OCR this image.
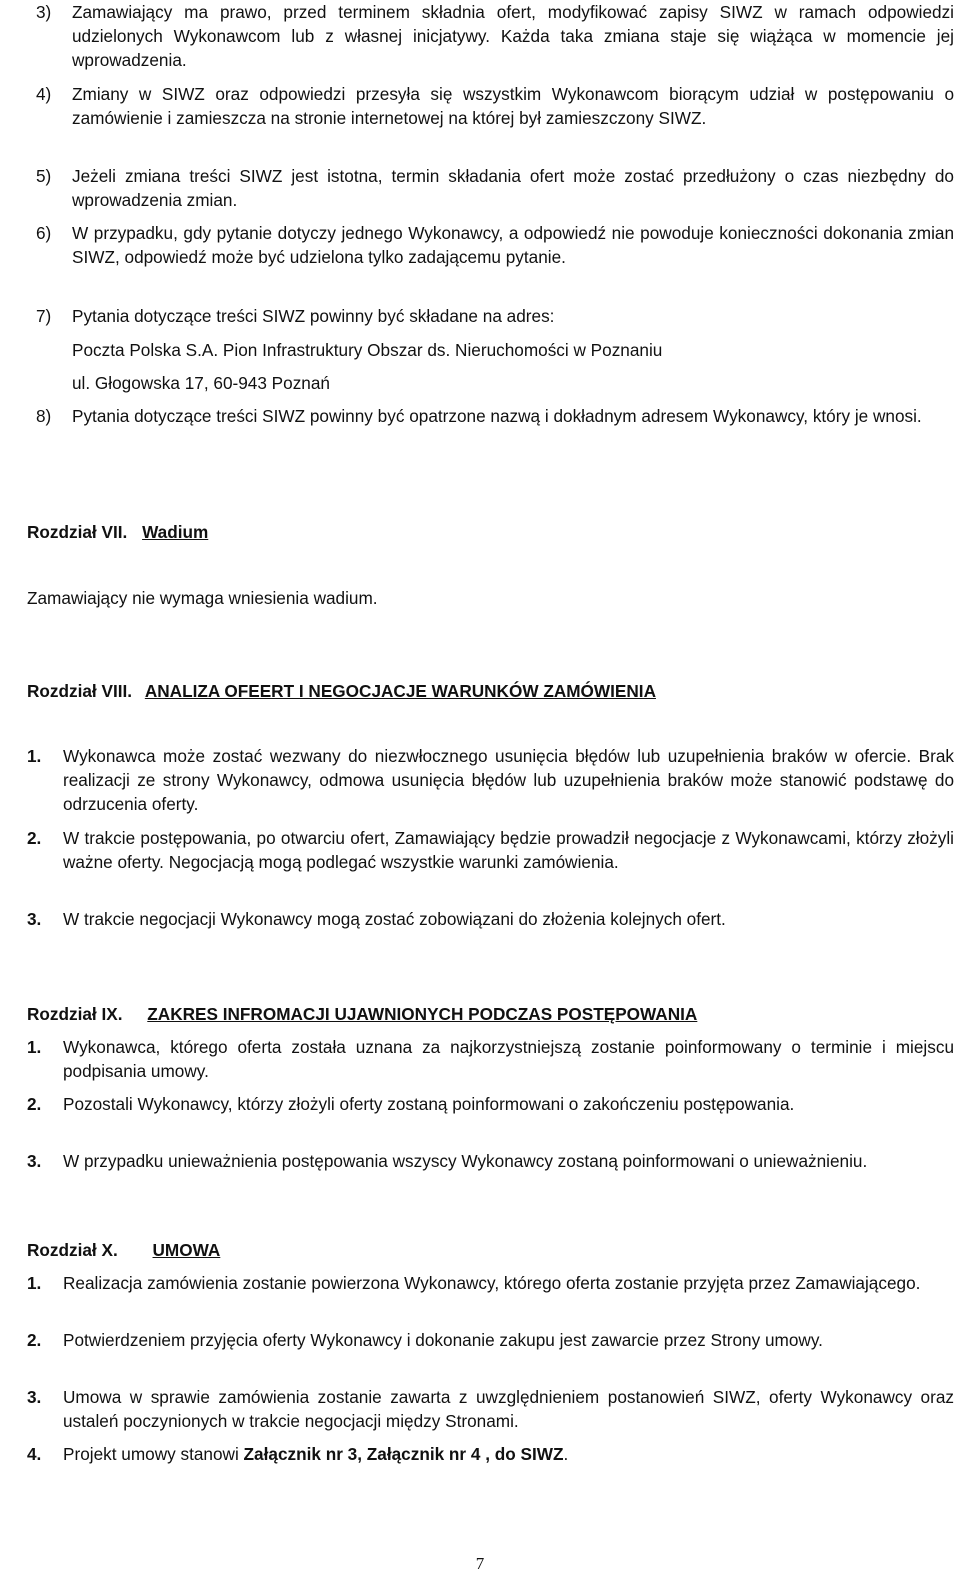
3) Zamawiający ma prawo, przed terminem składnia ofert, modyfikować zapisy SIWZ w ramach odpowiedzi udzielonych Wykonawcom lub z własnej inicjatywy. Każda taka zmiana staje się wiążąca w momencie jej wprowadzenia.
4) Zmiany w SIWZ oraz odpowiedzi przesyła się wszystkim Wykonawcom biorącym udział w postępowaniu o zamówienie i zamieszcza na stronie internetowej na której był zamieszczony SIWZ.
5) Jeżeli zmiana treści SIWZ jest istotna, termin składania ofert może zostać przedłużony o czas niezbędny do wprowadzenia zmian.
6) W przypadku, gdy pytanie dotyczy jednego Wykonawcy, a odpowiedź nie powoduje konieczności dokonania zmian SIWZ, odpowiedź może być udzielona tylko zadającemu pytanie.
7) Pytania dotyczące treści SIWZ powinny być składane na adres:
Poczta Polska S.A. Pion Infrastruktury Obszar ds. Nieruchomości w Poznaniu
ul. Głogowska 17, 60-943 Poznań
8) Pytania dotyczące treści SIWZ powinny być opatrzone nazwą i dokładnym adresem Wykonawcy, który je wnosi.
Rozdział VII. Wadium
Zamawiający nie wymaga wniesienia wadium.
Rozdział VIII. ANALIZA OFEERT I NEGOCJACJE WARUNKÓW ZAMÓWIENIA
1. Wykonawca może zostać wezwany do niezwłocznego usunięcia błędów lub uzupełnienia braków w ofercie. Brak realizacji ze strony Wykonawcy, odmowa usunięcia błędów lub uzupełnienia braków może stanowić podstawę do odrzucenia oferty.
2. W trakcie postępowania, po otwarciu ofert, Zamawiający będzie prowadził negocjacje z Wykonawcami, którzy złożyli ważne oferty. Negocjacją mogą podlegać wszystkie warunki zamówienia.
3. W trakcie negocjacji Wykonawcy mogą zostać zobowiązani do złożenia kolejnych ofert.
Rozdział IX. ZAKRES INFROMACJI UJAWNIONYCH PODCZAS POSTĘPOWANIA
1. Wykonawca, którego oferta została uznana za najkorzystniejszą zostanie poinformowany o terminie i miejscu podpisania umowy.
2. Pozostali Wykonawcy, którzy złożyli oferty zostaną poinformowani o zakończeniu postępowania.
3. W przypadku unieważnienia postępowania wszyscy Wykonawcy zostaną poinformowani o unieważnieniu.
Rozdział X. UMOWA
1. Realizacja zamówienia zostanie powierzona Wykonawcy, którego oferta zostanie przyjęta przez Zamawiającego.
2. Potwierdzeniem przyjęcia oferty Wykonawcy i dokonanie zakupu jest zawarcie przez Strony umowy.
3. Umowa w sprawie zamówienia zostanie zawarta z uwzględnieniem postanowień SIWZ, oferty Wykonawcy oraz ustaleń poczynionych w trakcie negocjacji między Stronami.
4. Projekt umowy stanowi Załącznik nr 3, Załącznik nr 4 , do SIWZ.
7
